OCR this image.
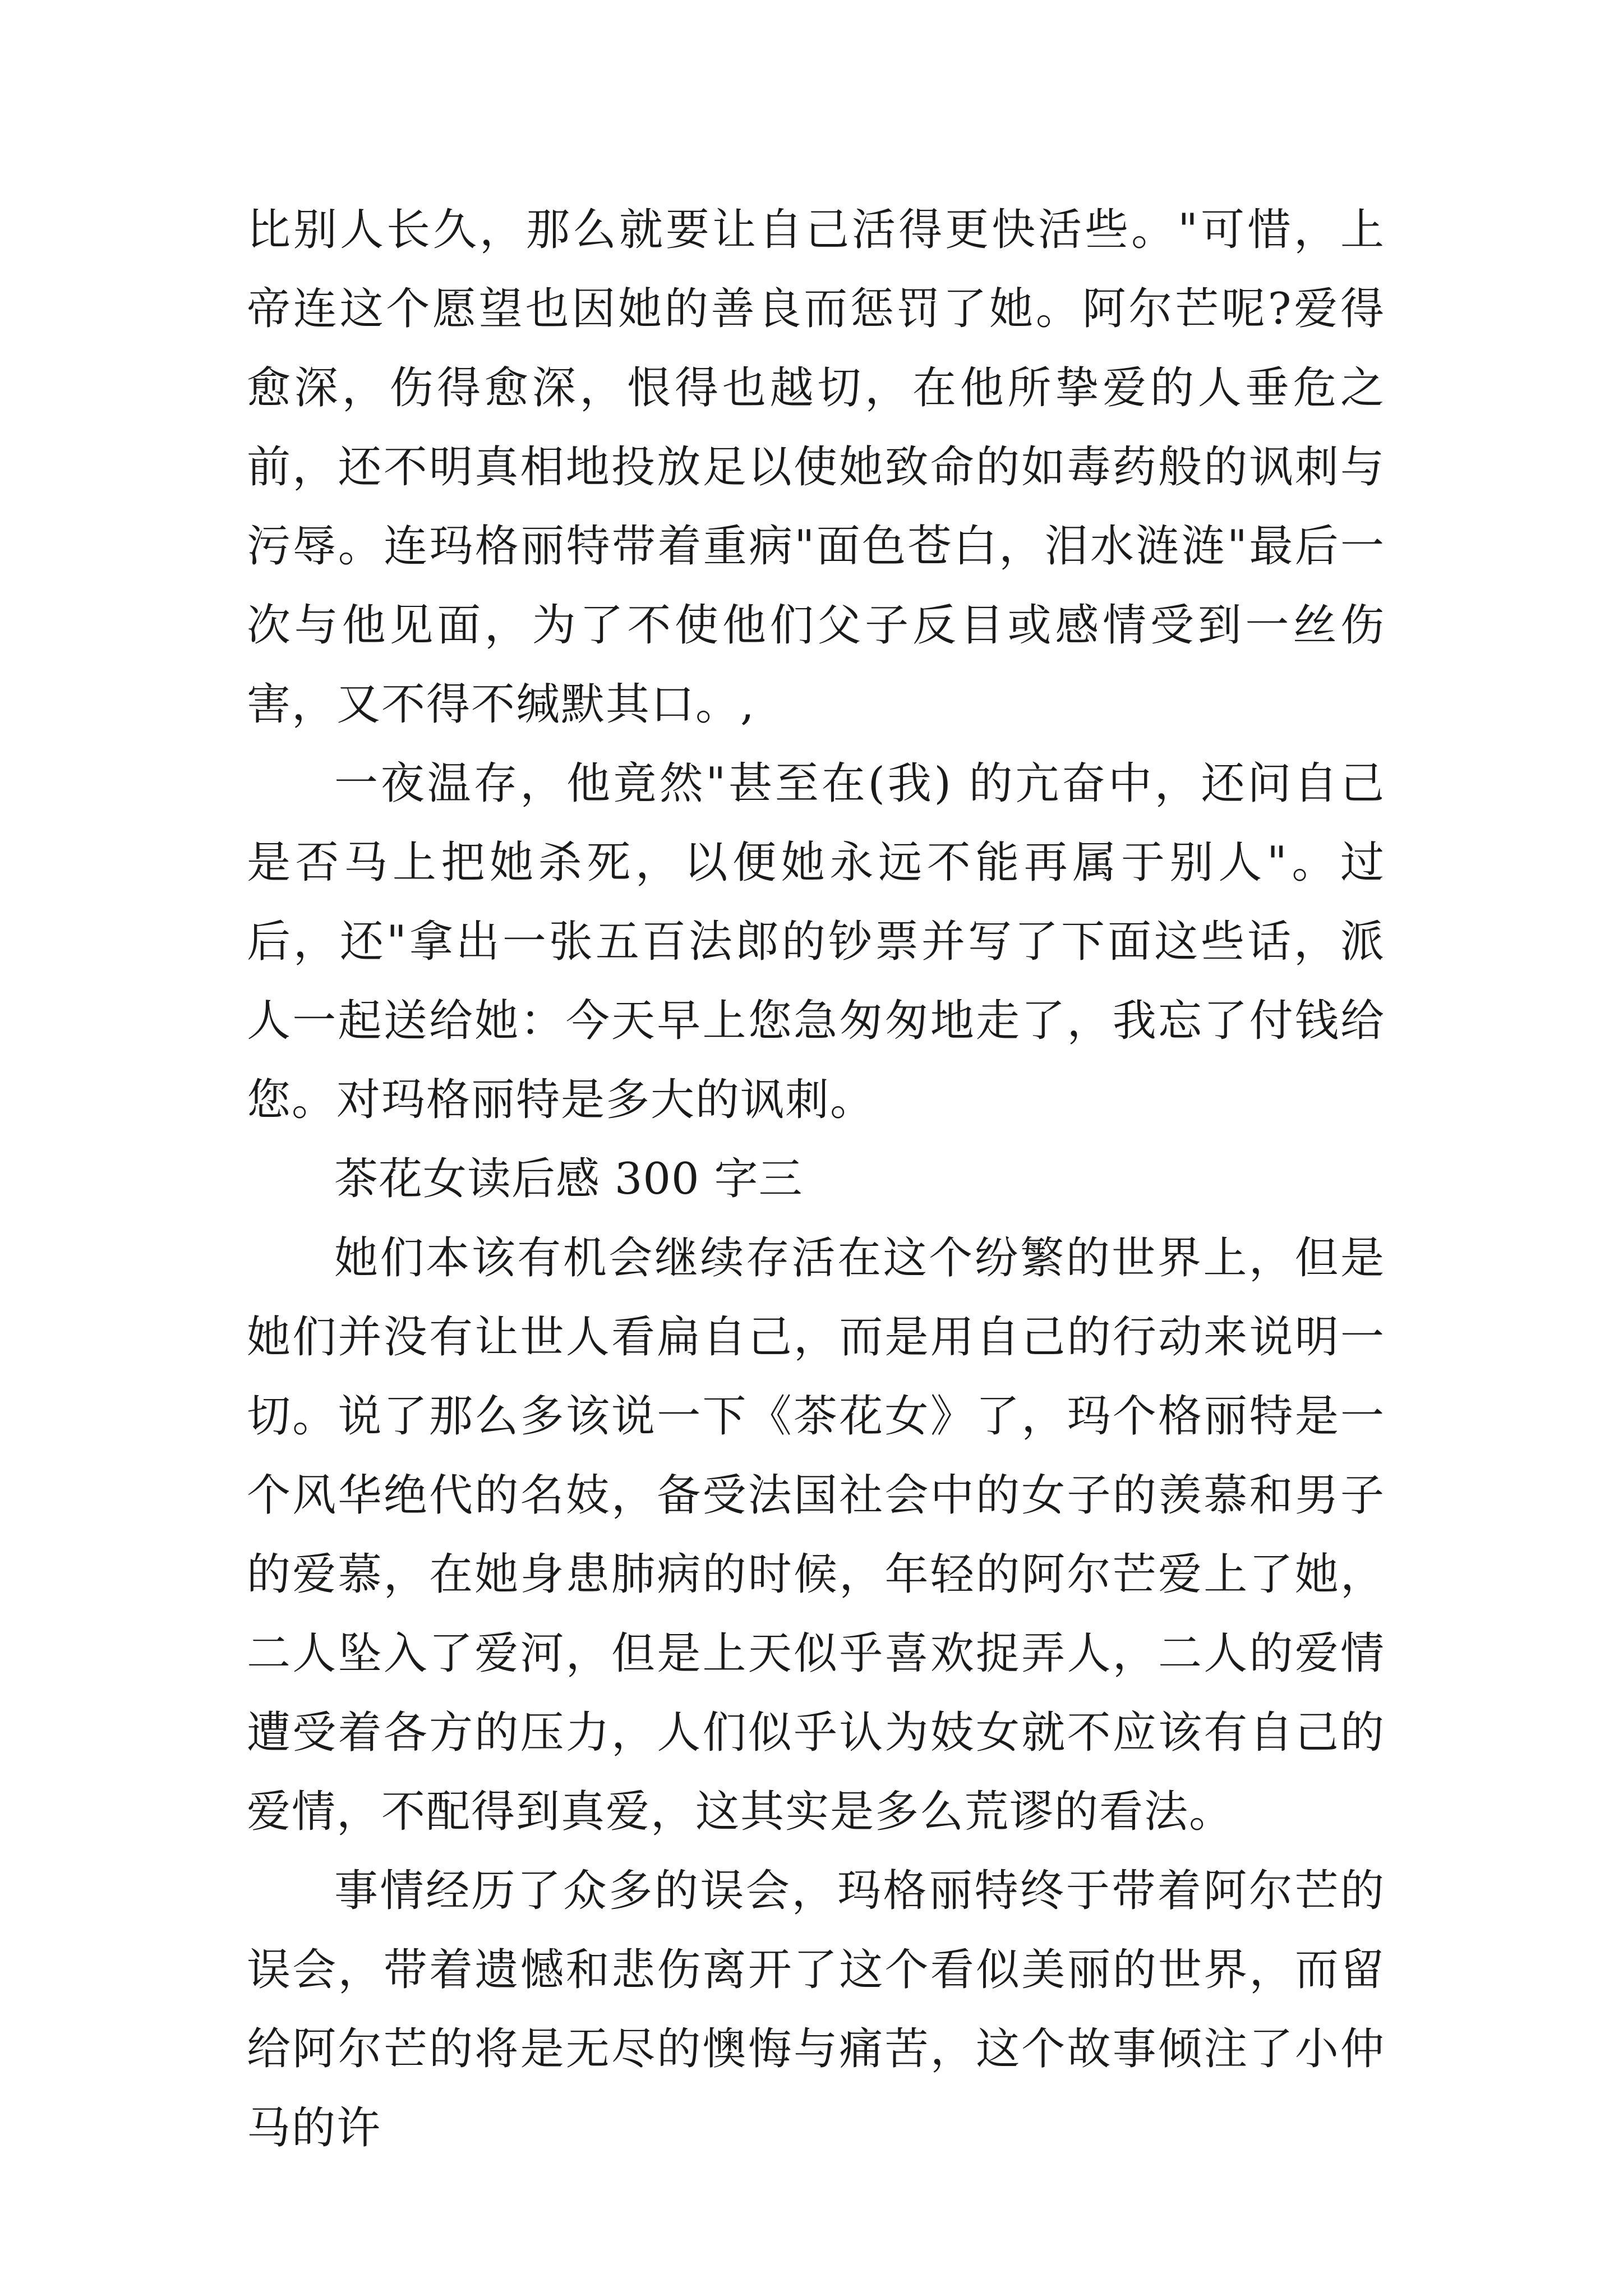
比别人长久，那么就要让自己活得更快活些。"可惜，上帝连这个愿望也因她的善良而惩罚了她。阿尔芒呢?爱得愈深，伤得愈深，恨得也越切，在他所挚爱的人垂危之前，还不明真相地投放足以使她致命的如毒药般的讽刺与污辱。连玛格丽特带着重病"面色苍白，泪水涟涟"最后一次与他见面，为了不使他们父子反目或感情受到一丝伤害，又不得不缄默其口。,

一夜温存，他竟然"甚至在(我) 的亢奋中，还问自己是否马上把她杀死，以便她永远不能再属于别人"。过后，还"拿出一张五百法郎的钞票并写了下面这些话，派人一起送给她：今天早上您急匆匆地走了，我忘了付钱给您。对玛格丽特是多大的讽刺。

茶花女读后感 300 字三

她们本该有机会继续存活在这个纷繁的世界上，但是她们并没有让世人看扁自己，而是用自己的行动来说明一切。说了那么多该说一下《茶花女》了，玛个格丽特是一个风华绝代的名妓，备受法国社会中的女子的羡慕和男子的爱慕，在她身患肺病的时候，年轻的阿尔芒爱上了她，二人坠入了爱河，但是上天似乎喜欢捉弄人，二人的爱情遭受着各方的压力，人们似乎认为妓女就不应该有自己的爱情，不配得到真爱，这其实是多么荒谬的看法。

事情经历了众多的误会，玛格丽特终于带着阿尔芒的误会，带着遗憾和悲伤离开了这个看似美丽的世界，而留给阿尔芒的将是无尽的懊悔与痛苦，这个故事倾注了小仲马的许
